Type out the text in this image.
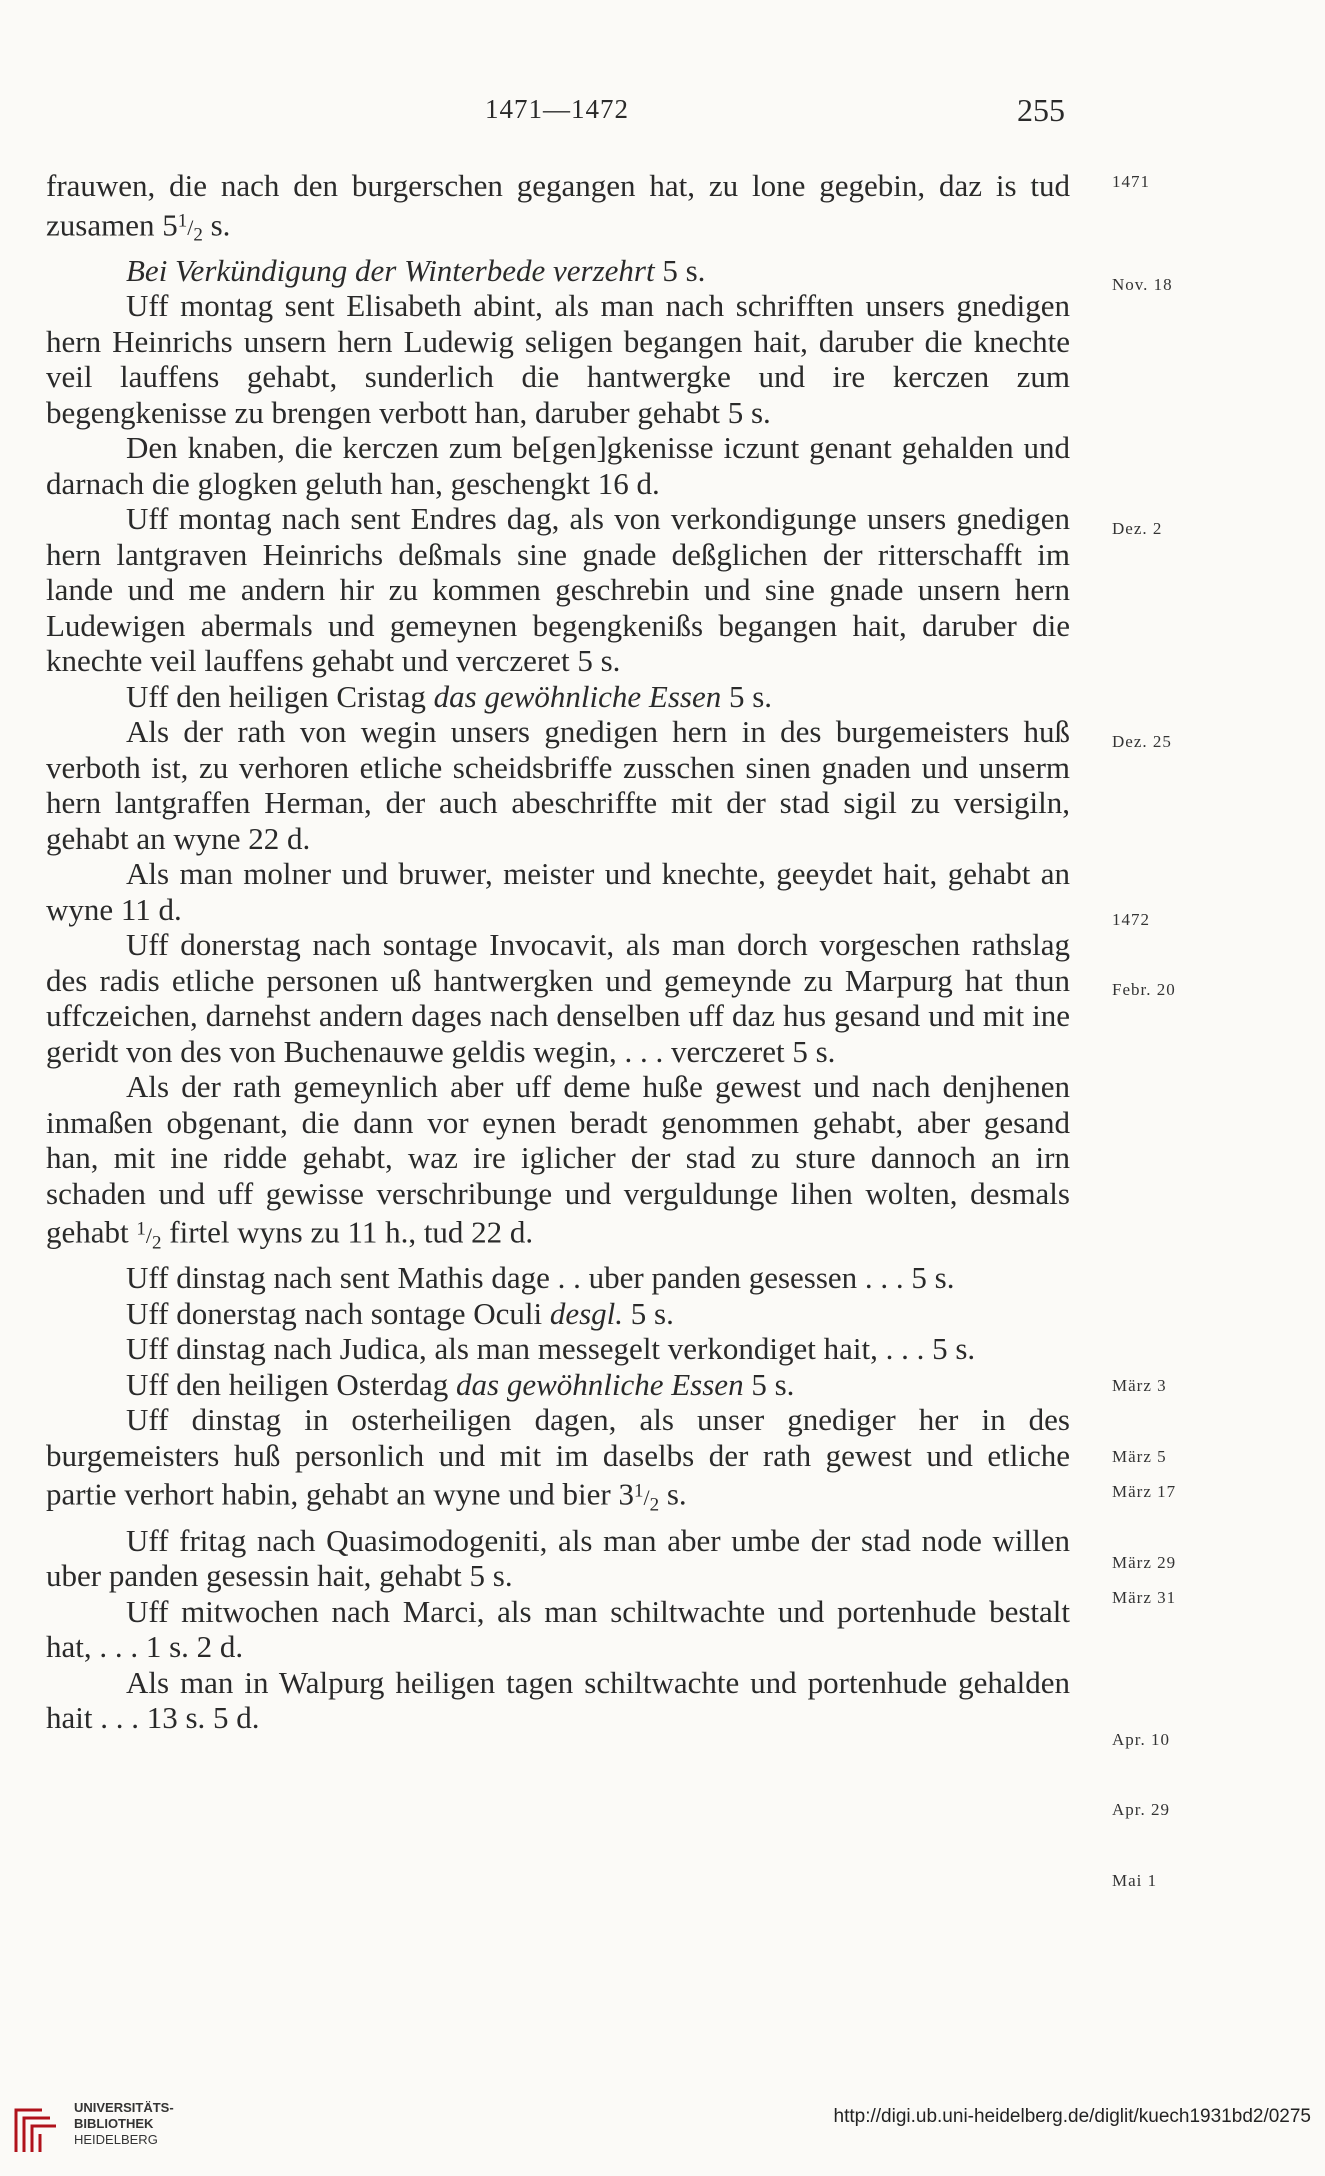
1471—1472	255

frauwen, die nach den burgerschen gegangen hat, zu lone gegebin, daz is tud zusamen $5^1/_2$ s.

Bei Verkündigung der Winterbede verzehrt 5 s.

Uff montag sent Elisabeth abint, als man nach schrifften unsers gnedigen hern Heinrichs unsern hern Ludewig seligen begangen hait, daruber die knechte veil lauffens gehabt, sunderlich die hantwergke und ire kerczen zum begengkenisse zu brengen verbott han, daruber gehabt 5 s.

Den knaben, die kerczen zum be[gen]gkenisse iczunt genant gehalden und darnach die glogken geluth han, geschengkt 16 d.

Uff montag nach sent Endres dag, als von verkondigunge unsers gnedigen hern lantgraven Heinrichs deßmals sine gnade deßglichen der ritterschafft im lande und me andern hir zu kommen geschrebin und sine gnade unsern hern Ludewigen abermals und gemeynen begengkenißs begangen hait, daruber die knechte veil lauffens gehabt und verczeret 5 s.

Uff den heiligen Cristag das gewöhnliche Essen 5 s.

Als der rath von wegin unsers gnedigen hern in des burgemeisters huß verboth ist, zu verhoren etliche scheidsbriffe zusschen sinen gnaden und unserm hern lantgraffen Herman, der auch abeschriffte mit der stad sigil zu versigiln, gehabt an wyne 22 d.

Als man molner und bruwer, meister und knechte, geeydet hait, gehabt an wyne 11 d.

Uff donerstag nach sontage Invocavit, als man dorch vorgeschen rathslag des radis etliche personen uß hantwergken und gemeynde zu Marpurg hat thun uffczeichen, darnehst andern dages nach denselben uff daz hus gesand und mit ine geridt von des von Buchenauwe geldis wegin, . . . verczeret 5 s.

Als der rath gemeynlich aber uff deme huße gewest und nach denjhenen inmaßen obgenant, die dann vor eynen beradt genommen gehabt, aber gesand han, mit ine ridde gehabt, waz ire iglicher der stad zu sture dannoch an irn schaden und uff gewisse verschribunge und verguldunge lihen wolten, desmals gehabt $^1/_2$ firtel wyns zu 11 h., tud 22 d.

Uff dinstag nach sent Mathis dage . . uber panden gesessen . . . 5 s.

Uff donerstag nach sontage Oculi desgl. 5 s.

Uff dinstag nach Judica, als man messegelt verkondiget hait, . . . 5 s.

Uff den heiligen Osterdag das gewöhnliche Essen 5 s.

Uff dinstag in osterheiligen dagen, als unser gnediger her in des burgemeisters huß personlich und mit im daselbs der rath gewest und etliche partie verhort habin, gehabt an wyne und bier $3^1/_2$ s.

Uff fritag nach Quasimodogeniti, als man aber umbe der stad node willen uber panden gesessin hait, gehabt 5 s.

Uff mitwochen nach Marci, als man schiltwachte und portenhude bestalt hat, . . . 1 s. 2 d.

Als man in Walpurg heiligen tagen schiltwachte und portenhude gehalden hait . . . 13 s. 5 d.

1471
Nov. 18
Dez. 2
Dez. 25
1472
Febr. 20
März 3
März 5
März 17
März 29
März 31
Apr. 10
Apr. 29
Mai 1
UNIVERSITÄTS-
BIBLIOTHEK
HEIDELBERG
http://digi.ub.uni-heidelberg.de/diglit/kuech1931bd2/0275
